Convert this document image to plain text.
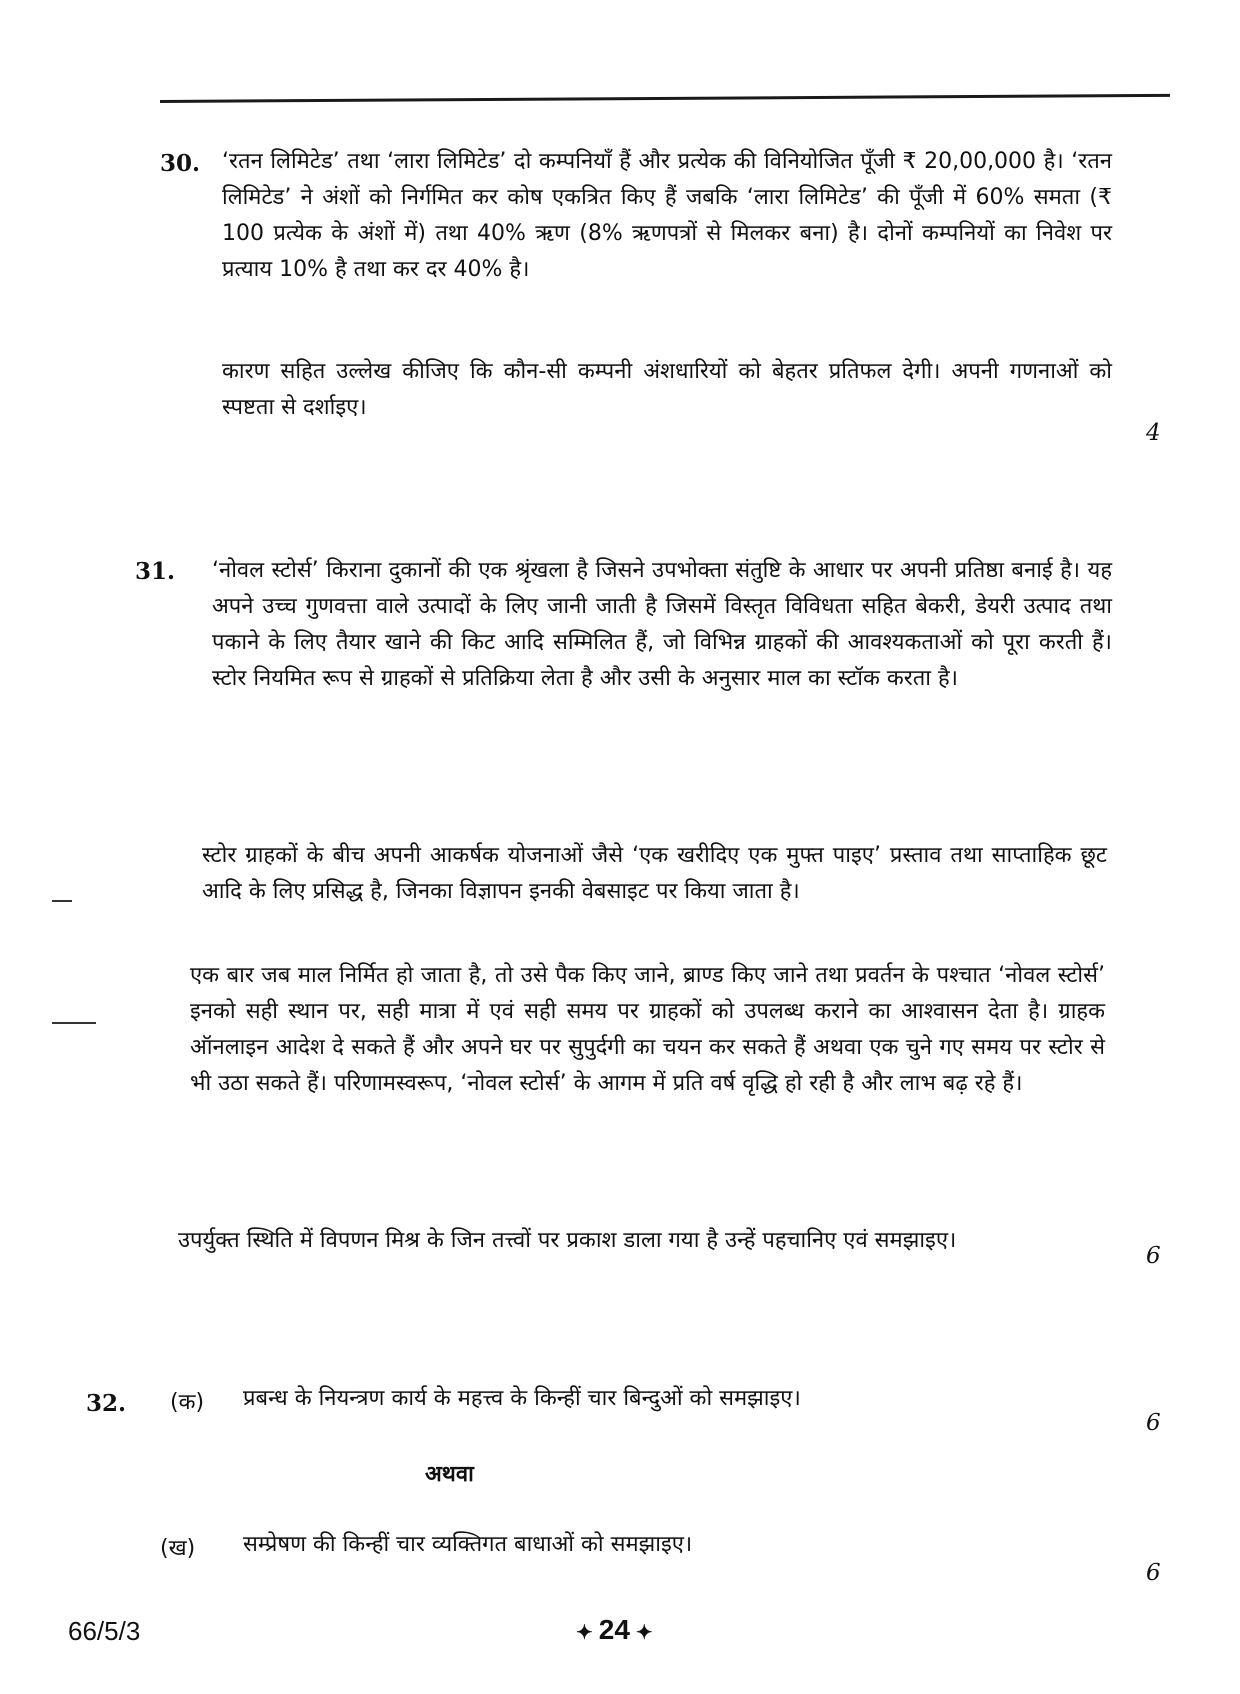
30. ‘रतन लिमिटेड’ तथा ‘लारा लिमिटेड’ दो कम्पनियाँ हैं और प्रत्येक की विनियोजित पूँजी ₹ 20,00,000 है। ‘रतन लिमिटेड’ ने अंशों को निर्गमित कर कोष एकत्रित किए हैं जबकि ‘लारा लिमिटेड’ की पूँजी में 60% समता (₹ 100 प्रत्येक के अंशों में) तथा 40% ऋण (8% ऋणपत्रों से मिलकर बना) है। दोनों कम्पनियों का निवेश पर प्रत्याय 10% है तथा कर दर 40% है।
कारण सहित उल्लेख कीजिए कि कौन-सी कम्पनी अंशधारियों को बेहतर प्रतिफल देगी। अपनी गणनाओं को स्पष्टता से दर्शाइए।
4
31. ‘नोवल स्टोर्स’ किराना दुकानों की एक श्रृंखला है जिसने उपभोक्ता संतुष्टि के आधार पर अपनी प्रतिष्ठा बनाई है। यह अपने उच्च गुणवत्ता वाले उत्पादों के लिए जानी जाती है जिसमें विस्तृत विविधता सहित बेकरी, डेयरी उत्पाद तथा पकाने के लिए तैयार खाने की किट आदि सम्मिलित हैं, जो विभिन्न ग्राहकों की आवश्यकताओं को पूरा करती हैं। स्टोर नियमित रूप से ग्राहकों से प्रतिक्रिया लेता है और उसी के अनुसार माल का स्टॉक करता है।
स्टोर ग्राहकों के बीच अपनी आकर्षक योजनाओं जैसे ‘एक खरीदिए एक मुफ्त पाइए’ प्रस्ताव तथा साप्ताहिक छूट आदि के लिए प्रसिद्ध है, जिनका विज्ञापन इनकी वेबसाइट पर किया जाता है।
एक बार जब माल निर्मित हो जाता है, तो उसे पैक किए जाने, ब्राण्ड किए जाने तथा प्रवर्तन के पश्चात ‘नोवल स्टोर्स’ इनको सही स्थान पर, सही मात्रा में एवं सही समय पर ग्राहकों को उपलब्ध कराने का आश्वासन देता है। ग्राहक ऑनलाइन आदेश दे सकते हैं और अपने घर पर सुपुर्दगी का चयन कर सकते हैं अथवा एक चुने गए समय पर स्टोर से भी उठा सकते हैं। परिणामस्वरूप, ‘नोवल स्टोर्स’ के आगम में प्रति वर्ष वृद्धि हो रही है और लाभ बढ़ रहे हैं।
उपर्युक्त स्थिति में विपणन मिश्र के जिन तत्त्वों पर प्रकाश डाला गया है उन्हें पहचानिए एवं समझाइए।
6
32. (क) प्रबन्ध के नियन्त्रण कार्य के महत्त्व के किन्हीं चार बिन्दुओं को समझाइए।
6
अथवा
(ख) सम्प्रेषण की किन्हीं चार व्यक्तिगत बाधाओं को समझाइए।
6
66/5/3	✦ 24 ✦
